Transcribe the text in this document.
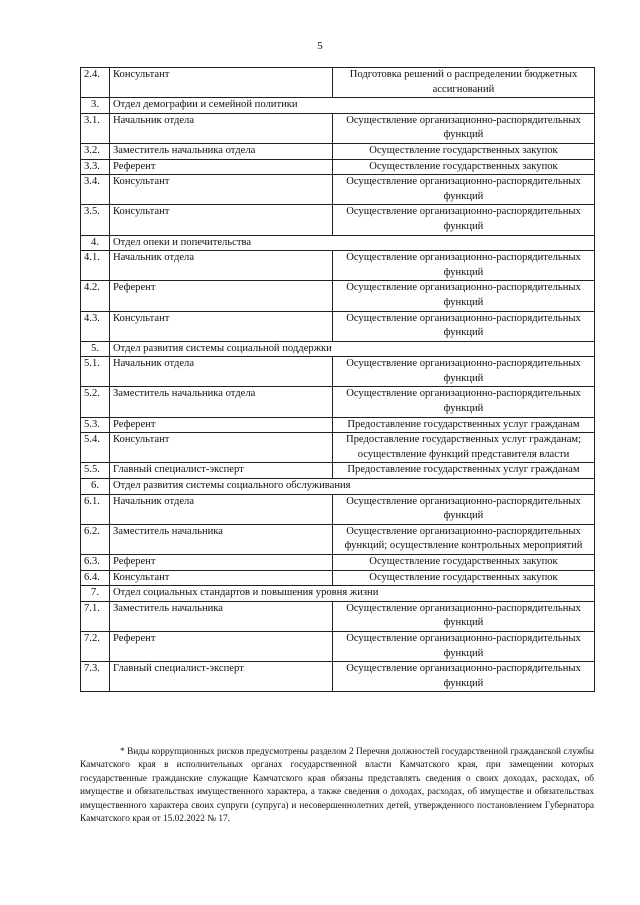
5
2.4.	Консультант	Подготовка решений о распределении бюджетных ассигнований
3.	Отдел демографии и семейной политики	
3.1.	Начальник отдела	Осуществление организационно-распорядительных функций
3.2.	Заместитель начальника отдела	Осуществление государственных закупок
3.3.	Референт	Осуществление государственных закупок
3.4.	Консультант	Осуществление организационно-распорядительных функций
3.5.	Консультант	Осуществление организационно-распорядительных функций
4.	Отдел опеки и попечительства	
4.1.	Начальник отдела	Осуществление организационно-распорядительных функций
4.2.	Референт	Осуществление организационно-распорядительных функций
4.3.	Консультант	Осуществление организационно-распорядительных функций
5.	Отдел развития системы социальной поддержки	
5.1.	Начальник отдела	Осуществление организационно-распорядительных функций
5.2.	Заместитель начальника отдела	Осуществление организационно-распорядительных функций
5.3.	Референт	Предоставление государственных услуг гражданам
5.4.	Консультант	Предоставление государственных услуг гражданам; осуществление функций представителя власти
5.5.	Главный специалист-эксперт	Предоставление государственных услуг гражданам
6.	Отдел развития системы социального обслуживания	
6.1.	Начальник отдела	Осуществление организационно-распорядительных функций
6.2.	Заместитель начальника	Осуществление организационно-распорядительных функций; осуществление контрольных мероприятий
6.3.	Референт	Осуществление государственных закупок
6.4.	Консультант	Осуществление государственных закупок
7.	Отдел социальных стандартов и повышения уровня жизни	
7.1.	Заместитель начальника	Осуществление организационно-распорядительных функций
7.2.	Референт	Осуществление организационно-распорядительных функций
7.3.	Главный специалист-эксперт	Осуществление организационно-распорядительных функций
* Виды коррупционных рисков предусмотрены разделом 2 Перечня должностей государственной гражданской службы Камчатского края в исполнительных органах государственной власти Камчатского края, при замещении которых государственные гражданские служащие Камчатского края обязаны представлять сведения о своих доходах, расходах, об имуществе и обязательствах имущественного характера, а также сведения о доходах, расходах, об имуществе и обязательствах имущественного характера своих супруги (супруга) и несовершеннолетних детей, утвержденного постановлением Губернатора Камчатского края от 15.02.2022 № 17.
